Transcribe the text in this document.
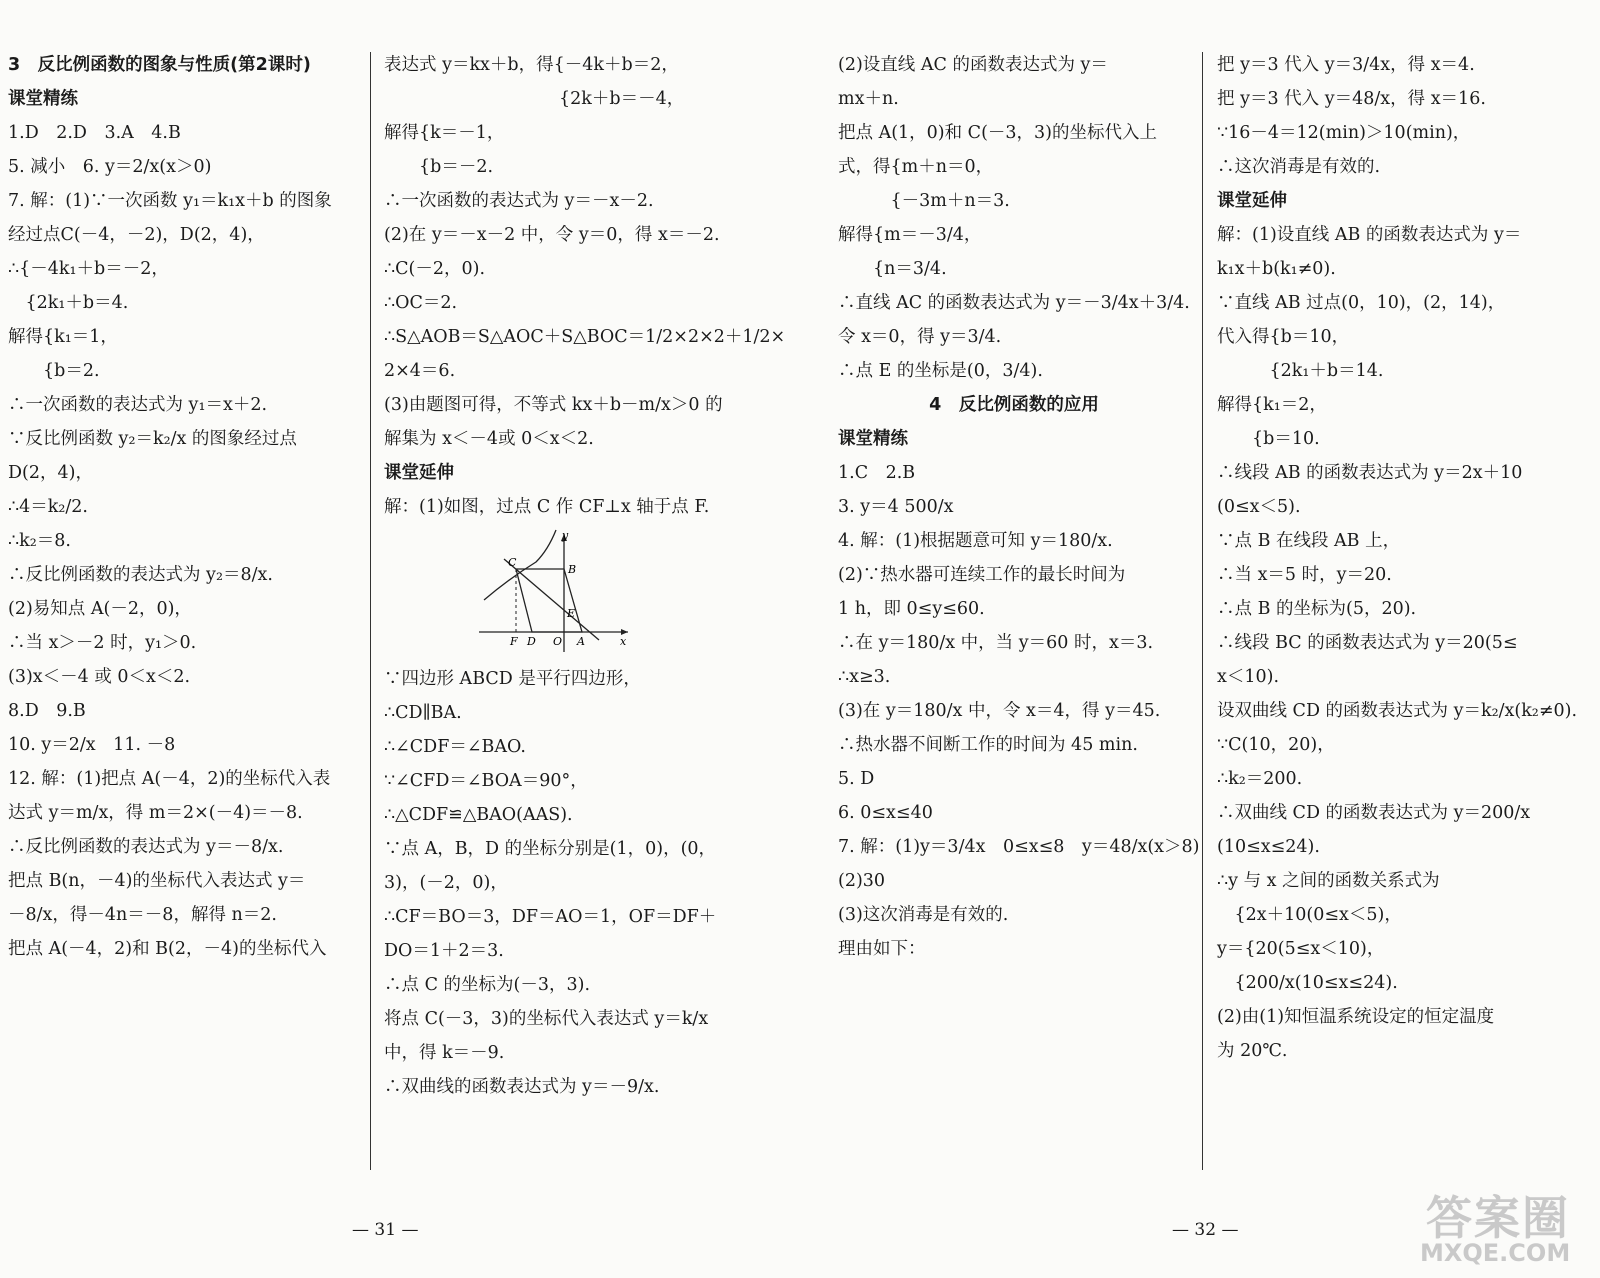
3　反比例函数的图象与性质(第2课时)
课堂精练
1.D　2.D　3.A　4.B
5. 减小　6. y＝2/x(x＞0)
7. 解：(1)∵一次函数 y₁＝k₁x＋b 的图象
经过点C(－4，－2)，D(2，4)，
∴{－4k₁＋b＝－2，
　{2k₁＋b＝4.
解得{k₁＝1，
　　{b＝2.
∴一次函数的表达式为 y₁＝x＋2.
∵反比例函数 y₂＝k₂/x 的图象经过点
D(2，4)，
∴4＝k₂/2.
∴k₂＝8.
∴反比例函数的表达式为 y₂＝8/x.
(2)易知点 A(－2，0)，
∴当 x＞－2 时，y₁＞0.
(3)x＜－4 或 0＜x＜2.
8.D　9.B
10. y＝2/x　11. －8
12. 解：(1)把点 A(－4，2)的坐标代入表
达式 y＝m/x，得 m＝2×(－4)＝－8.
∴反比例函数的表达式为 y＝－8/x.
把点 B(n，－4)的坐标代入表达式 y＝
－8/x，得－4n＝－8，解得 n＝2.
把点 A(－4，2)和 B(2，－4)的坐标代入
表达式 y＝kx＋b，得{－4k＋b＝2，
　　　　　　　　　　{2k＋b＝－4，
解得{k＝－1，
　　{b＝－2.
∴一次函数的表达式为 y＝－x－2.
(2)在 y＝－x－2 中，令 y＝0，得 x＝－2.
∴C(－2，0).
∴OC＝2.
∴S△AOB＝S△AOC＋S△BOC＝1/2×2×2＋1/2×
2×4＝6.
(3)由题图可得，不等式 kx＋b－m/x＞0 的
解集为 x＜－4或 0＜x＜2.
课堂延伸
解：(1)如图，过点 C 作 CF⊥x 轴于点 F.
y
C
B
E
F D O A	x
∵四边形 ABCD 是平行四边形，
∴CD∥BA.
∴∠CDF＝∠BAO.
∵∠CFD＝∠BOA＝90°，
∴△CDF≌△BAO(AAS).
∵点 A，B，D 的坐标分别是(1，0)，(0，
3)，(－2，0)，
∴CF＝BO＝3，DF＝AO＝1，OF＝DF＋
DO＝1＋2＝3.
∴点 C 的坐标为(－3，3).
将点 C(－3，3)的坐标代入表达式 y＝k/x
中，得 k＝－9.
∴双曲线的函数表达式为 y＝－9/x.
(2)设直线 AC 的函数表达式为 y＝
mx＋n.
把点 A(1，0)和 C(－3，3)的坐标代入上
式，得{m＋n＝0，
　　　{－3m＋n＝3.
解得{m＝－3/4，
　　{n＝3/4.
∴直线 AC 的函数表达式为 y＝－3/4x＋3/4.
令 x＝0，得 y＝3/4.
∴点 E 的坐标是(0，3/4).
4　反比例函数的应用
课堂精练
1.C　2.B
3. y＝4 500/x
4. 解：(1)根据题意可知 y＝180/x.
(2)∵热水器可连续工作的最长时间为
1 h，即 0≤y≤60.
∴在 y＝180/x 中，当 y＝60 时，x＝3.
∴x≥3.
(3)在 y＝180/x 中，令 x＝4，得 y＝45.
∴热水器不间断工作的时间为 45 min.
5. D
6. 0≤x≤40
7. 解：(1)y＝3/4x　0≤x≤8　y＝48/x(x＞8)
(2)30
(3)这次消毒是有效的.
理由如下：
把 y＝3 代入 y＝3/4x，得 x＝4.
把 y＝3 代入 y＝48/x，得 x＝16.
∵16－4＝12(min)＞10(min)，
∴这次消毒是有效的.
课堂延伸
解：(1)设直线 AB 的函数表达式为 y＝
k₁x＋b(k₁≠0).
∵直线 AB 过点(0，10)，(2，14)，
代入得{b＝10，
　　　{2k₁＋b＝14.
解得{k₁＝2，
　　{b＝10.
∴线段 AB 的函数表达式为 y＝2x＋10
(0≤x＜5).
∵点 B 在线段 AB 上，
∴当 x＝5 时，y＝20.
∴点 B 的坐标为(5，20).
∴线段 BC 的函数表达式为 y＝20(5≤
x＜10).
设双曲线 CD 的函数表达式为 y＝k₂/x(k₂≠0).
∵C(10，20)，
∴k₂＝200.
∴双曲线 CD 的函数表达式为 y＝200/x
(10≤x≤24).
∴y 与 x 之间的函数关系式为
　{2x＋10(0≤x＜5)，
y＝{20(5≤x＜10)，
　{200/x(10≤x≤24).
(2)由(1)知恒温系统设定的恒定温度
为 20℃.
— 31 —	— 32 —	答案圈
MXQE.COM
